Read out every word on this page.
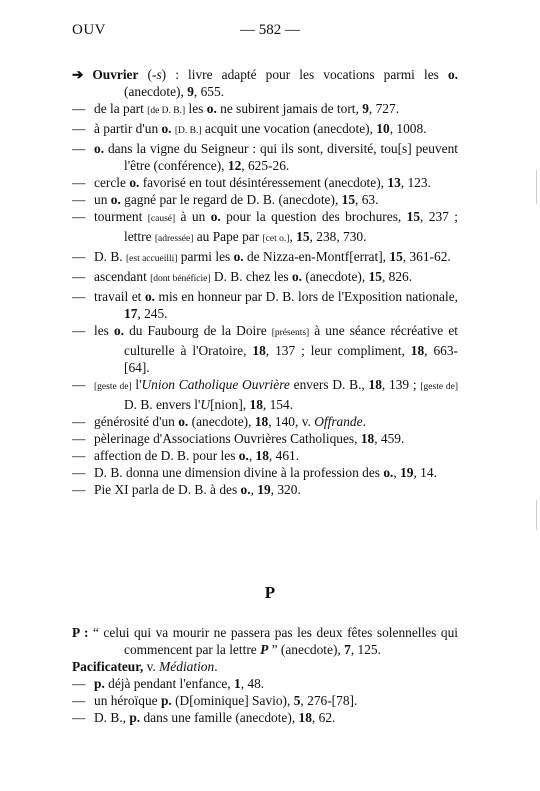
OUV	— 582 —
➔ Ouvrier (-s) : livre adapté pour les vocations parmi les o. (anecdote), 9, 655.
— de la part [de D. B.] les o. ne subirent jamais de tort, 9, 727.
— à partir d'un o. [D. B.] acquit une vocation (anecdote), 10, 1008.
— o. dans la vigne du Seigneur : qui ils sont, diversité, tou[s] peuvent l'être (conférence), 12, 625-26.
— cercle o. favorisé en tout désintéressement (anecdote), 13, 123.
— un o. gagné par le regard de D. B. (anecdote), 15, 63.
— tourment [causé] à un o. pour la question des brochures, 15, 237 ; lettre [adressée] au Pape par [cet o.], 15, 238, 730.
— D. B. [est accueilli] parmi les o. de Nizza-en-Montf[errat], 15, 361-62.
— ascendant [dont bénéficie] D. B. chez les o. (anecdote), 15, 826.
— travail et o. mis en honneur par D. B. lors de l'Exposition nationale, 17, 245.
— les o. du Faubourg de la Doire [présents] à une séance récréative et culturelle à l'Oratoire, 18, 137 ; leur compliment, 18, 663-[64].
— [geste de] l'Union Catholique Ouvrière envers D. B., 18, 139 ; [geste de] D. B. envers l'U[nion], 18, 154.
— générosité d'un o. (anecdote), 18, 140, v. Offrande.
— pèlerinage d'Associations Ouvrières Catholiques, 18, 459.
— affection de D. B. pour les o., 18, 461.
— D. B. donna une dimension divine à la profession des o., 19, 14.
— Pie XI parla de D. B. à des o., 19, 320.
P
P : “ celui qui va mourir ne passera pas les deux fêtes solennelles qui commencent par la lettre P ” (anecdote), 7, 125.
Pacificateur, v. Médiation.
— p. déjà pendant l'enfance, 1, 48.
— un héroïque p. (D[ominique] Savio), 5, 276-[78].
— D. B., p. dans une famille (anecdote), 18, 62.
